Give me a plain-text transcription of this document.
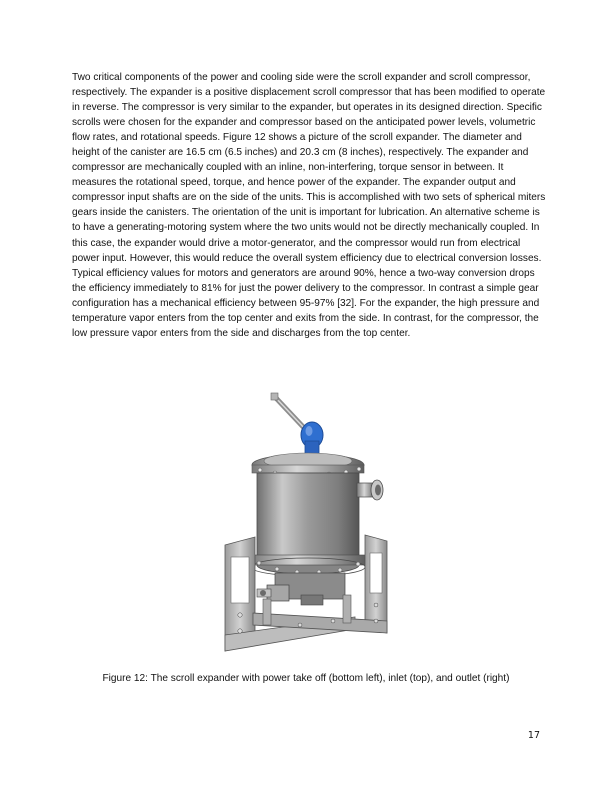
Two critical components of the power and cooling side were the scroll expander and scroll compressor, respectively. The expander is a positive displacement scroll compressor that has been modified to operate in reverse. The compressor is very similar to the expander, but operates in its designed direction. Specific scrolls were chosen for the expander and compressor based on the anticipated power levels, volumetric flow rates, and rotational speeds. Figure 12 shows a picture of the scroll expander. The diameter and height of the canister are 16.5 cm (6.5 inches) and 20.3 cm (8 inches), respectively. The expander and compressor are mechanically coupled with an inline, non-interfering, torque sensor in between. It measures the rotational speed, torque, and hence power of the expander. The expander output and compressor input shafts are on the side of the units. This is accomplished with two sets of spherical miters gears inside the canisters. The orientation of the unit is important for lubrication. An alternative scheme is to have a generating-motoring system where the two units would not be directly mechanically coupled. In this case, the expander would drive a motor-generator, and the compressor would run from electrical power input. However, this would reduce the overall system efficiency due to electrical conversion losses. Typical efficiency values for motors and generators are around 90%, hence a two-way conversion drops the efficiency immediately to 81% for just the power delivery to the compressor. In contrast a simple gear configuration has a mechanical efficiency between 95-97% [32]. For the expander, the high pressure and temperature vapor enters from the top center and exits from the side. In contrast, for the compressor, the low pressure vapor enters from the side and discharges from the top center.

Figure 12: The scroll expander with power take off (bottom left), inlet (top), and outlet (right)

17
